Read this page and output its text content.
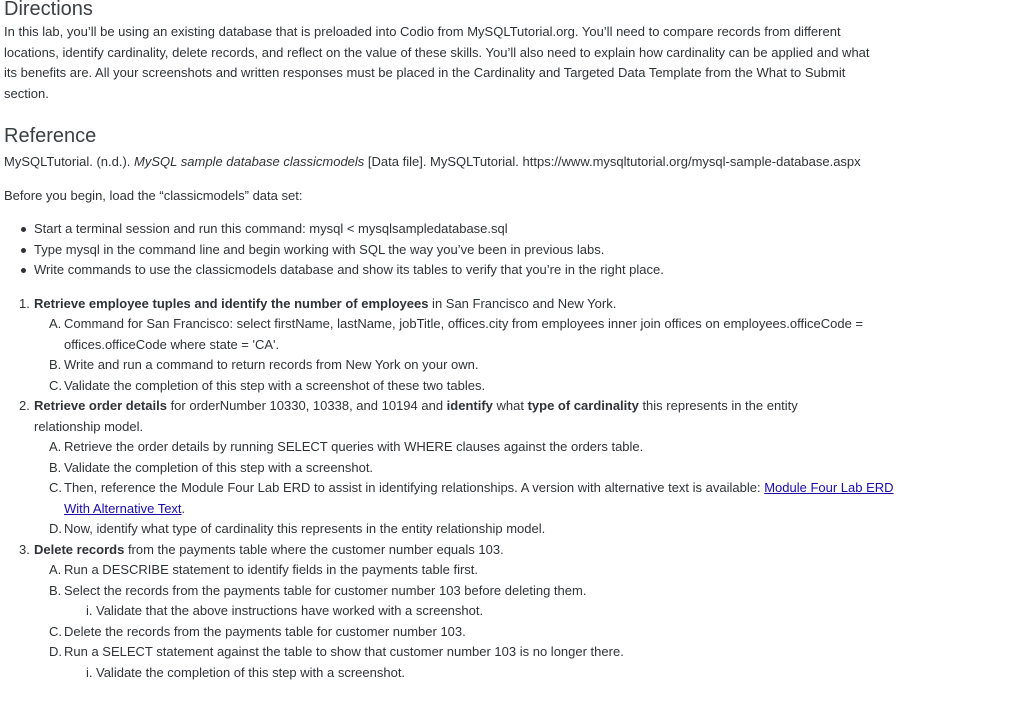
Directions

In this lab, you’ll be using an existing database that is preloaded into Codio from MySQLTutorial.org. You’ll need to compare records from different locations, identify cardinality, delete records, and reflect on the value of these skills. You’ll also need to explain how cardinality can be applied and what its benefits are. All your screenshots and written responses must be placed in the Cardinality and Targeted Data Template from the What to Submit section.

Reference

MySQLTutorial. (n.d.). MySQL sample database classicmodels [Data file]. MySQLTutorial. https://www.mysqltutorial.org/mysql-sample-database.aspx

Before you begin, load the “classicmodels” data set:

Start a terminal session and run this command: mysql < mysqlsampledatabase.sql
Type mysql in the command line and begin working with SQL the way you’ve been in previous labs.
Write commands to use the classicmodels database and show its tables to verify that you’re in the right place.
1. Retrieve employee tuples and identify the number of employees in San Francisco and New York.
A. Command for San Francisco: select firstName, lastName, jobTitle, offices.city from employees inner join offices on employees.officeCode = offices.officeCode where state = 'CA'.
B. Write and run a command to return records from New York on your own.
C. Validate the completion of this step with a screenshot of these two tables.
2. Retrieve order details for orderNumber 10330, 10338, and 10194 and identify what type of cardinality this represents in the entity relationship model.
A. Retrieve the order details by running SELECT queries with WHERE clauses against the orders table.
B. Validate the completion of this step with a screenshot.
C. Then, reference the Module Four Lab ERD to assist in identifying relationships. A version with alternative text is available: Module Four Lab ERD With Alternative Text.
D. Now, identify what type of cardinality this represents in the entity relationship model.
3. Delete records from the payments table where the customer number equals 103.
A. Run a DESCRIBE statement to identify fields in the payments table first.
B. Select the records from the payments table for customer number 103 before deleting them.
i. Validate that the above instructions have worked with a screenshot.
C. Delete the records from the payments table for customer number 103.
D. Run a SELECT statement against the table to show that customer number 103 is no longer there.
i. Validate the completion of this step with a screenshot.
